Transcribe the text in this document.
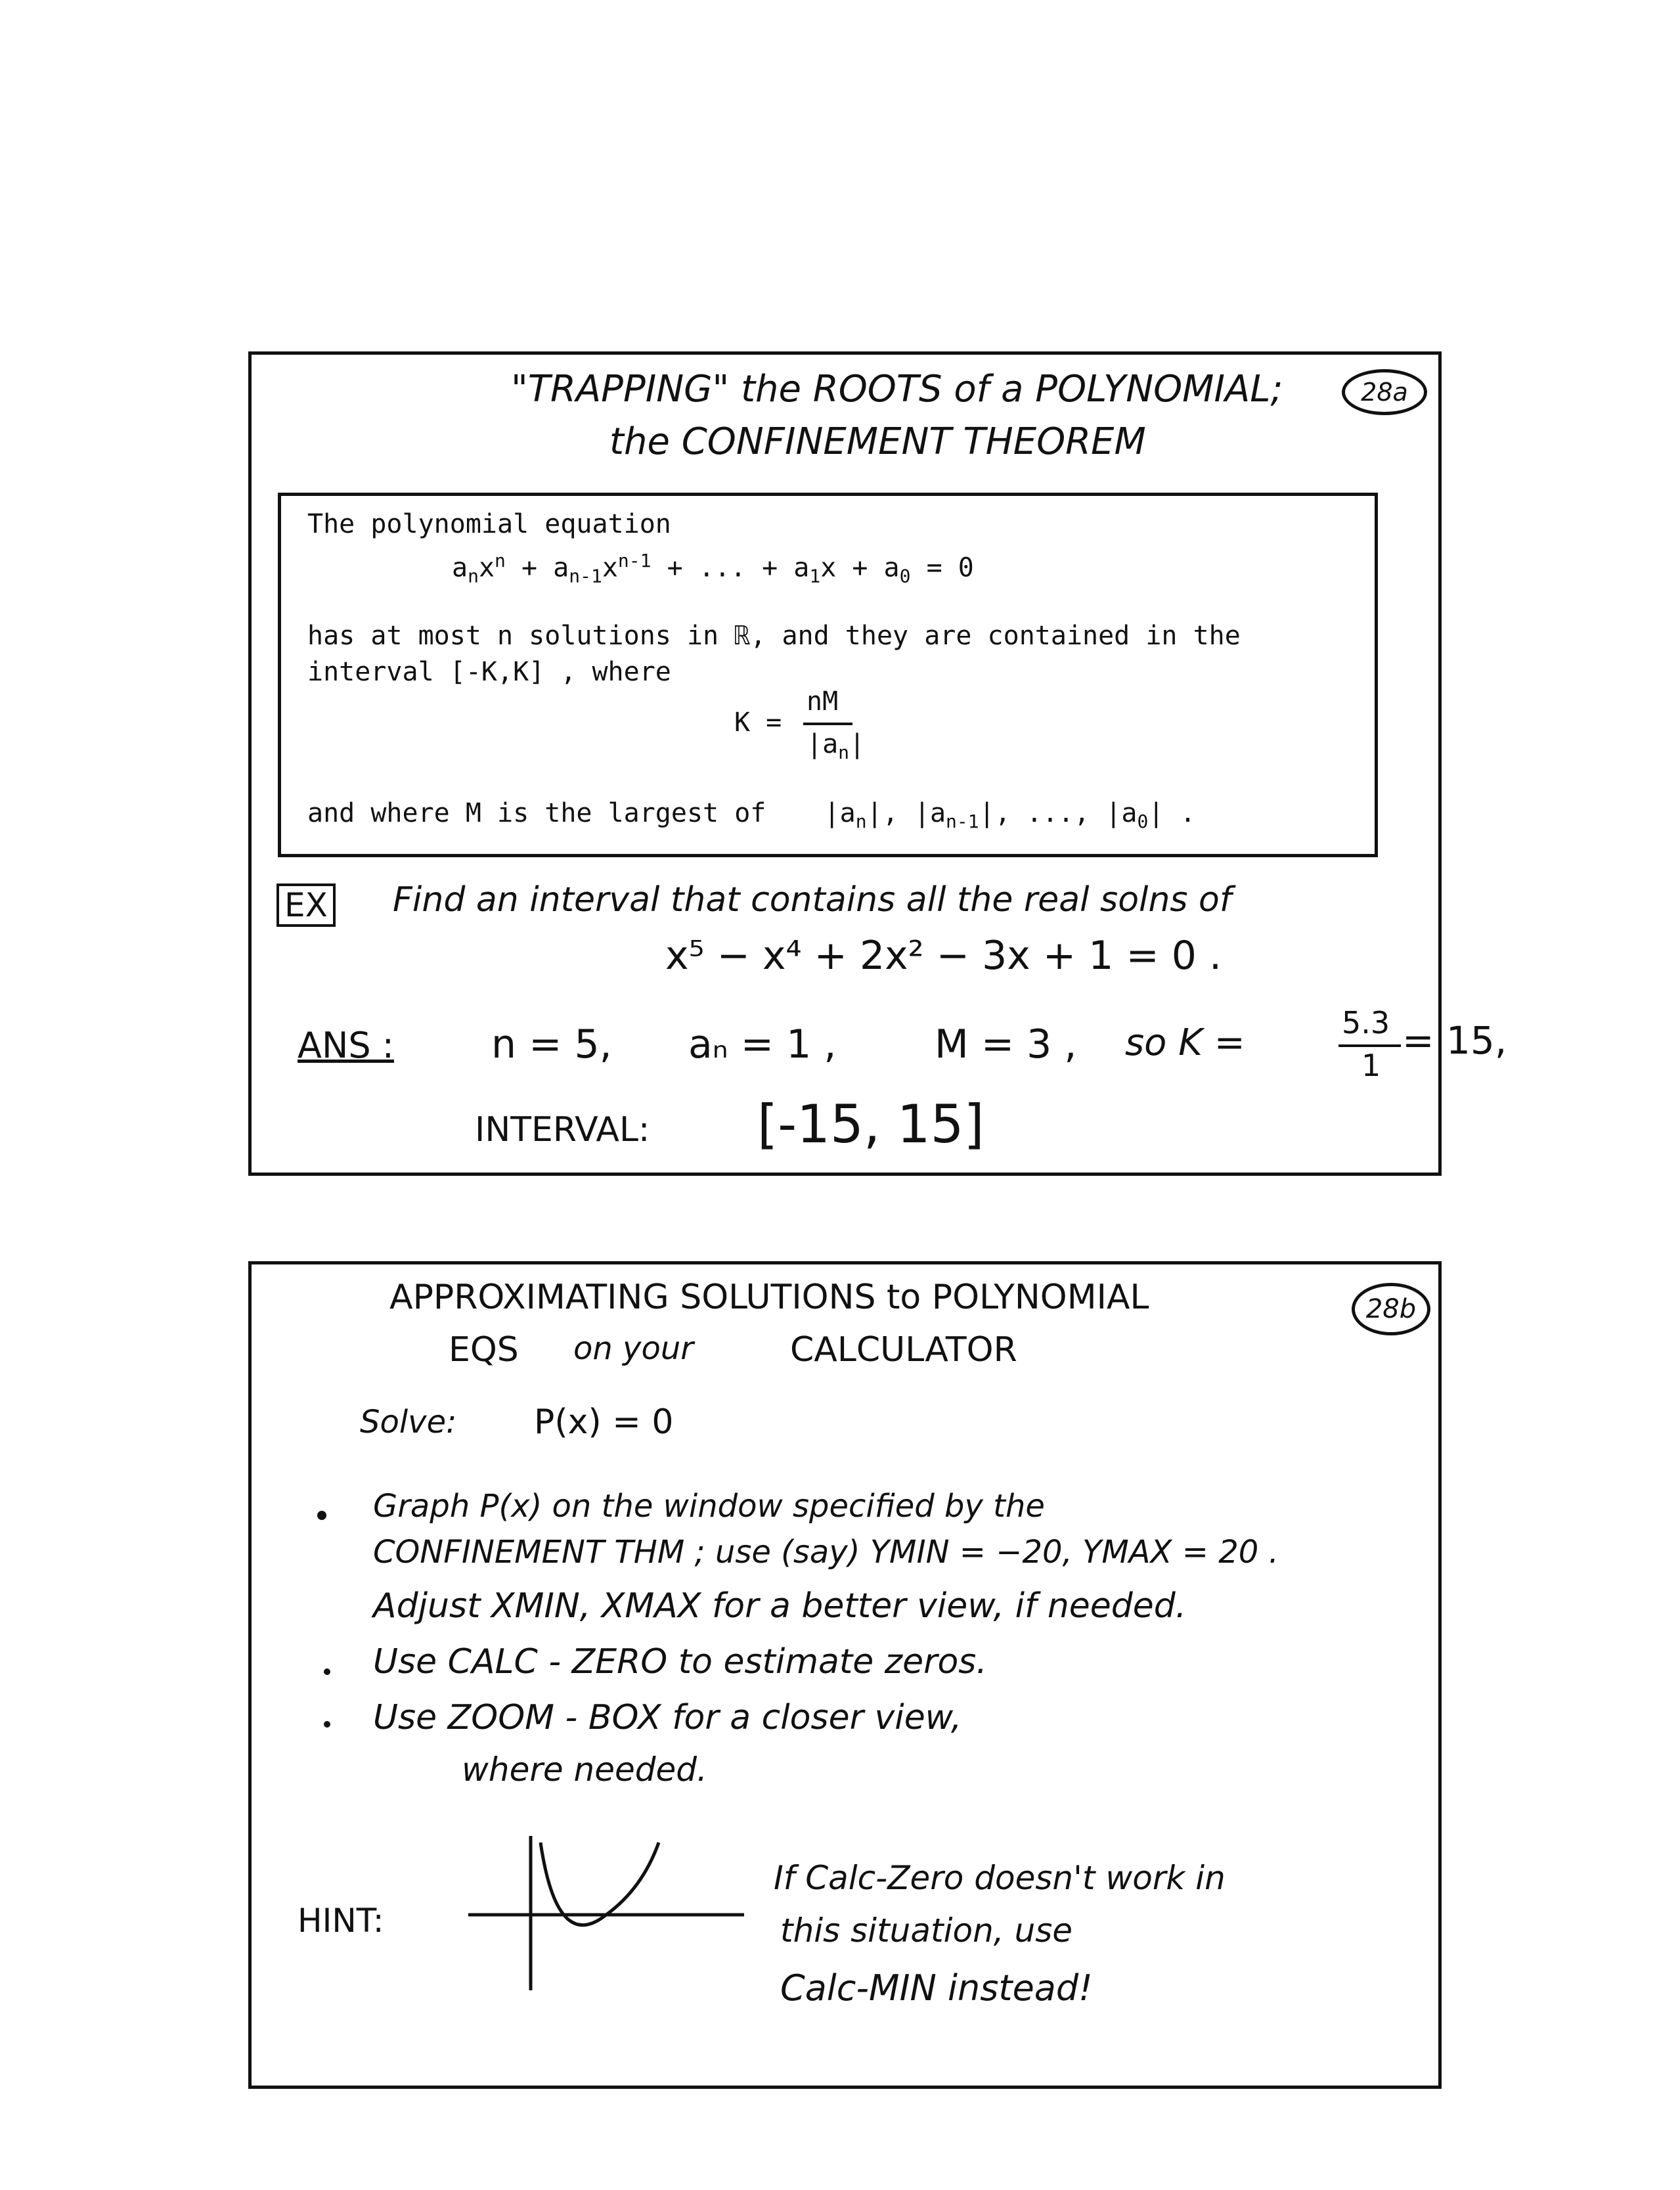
"TRAPPING" the ROOTS of a POLYNOMIAL;
the CONFINEMENT THEOREM
28a
The polynomial equation
$a_nx^n + a_{n-1}x^{n-1}$ + ... + $a_1x + a_0 = 0$
has at most n solutions in ℝ, and they are contained in the
interval [-K,K] , where
K =
nM
$|a_n|$
and where M is the largest of $|a_n|$, $|a_{n-1}|$, ..., $|a_0|$ .
EX Find an interval that contains all the real solns of
x⁵ − x⁴ + 2x² − 3x + 1 = 0 .
ANS : n = 5, aₙ = 1 , M = 3 , so K =	5.3
1
INTERVAL: [-15, 15]
= 15,
APPROXIMATING SOLUTIONS to POLYNOMIAL
EQS on your	CALCULATOR
28b
Solve: P(x) = 0
Graph P(x) on the window specified by the
CONFINEMENT THM ; use (say) YMIN = −20, YMAX = 20 .
Adjust XMIN, XMAX for a better view, if needed.
Use CALC - ZERO to estimate zeros.
Use ZOOM - BOX for a closer view,
where needed.
HINT:
If Calc-Zero doesn't work in
this situation, use
Calc-MIN instead!
